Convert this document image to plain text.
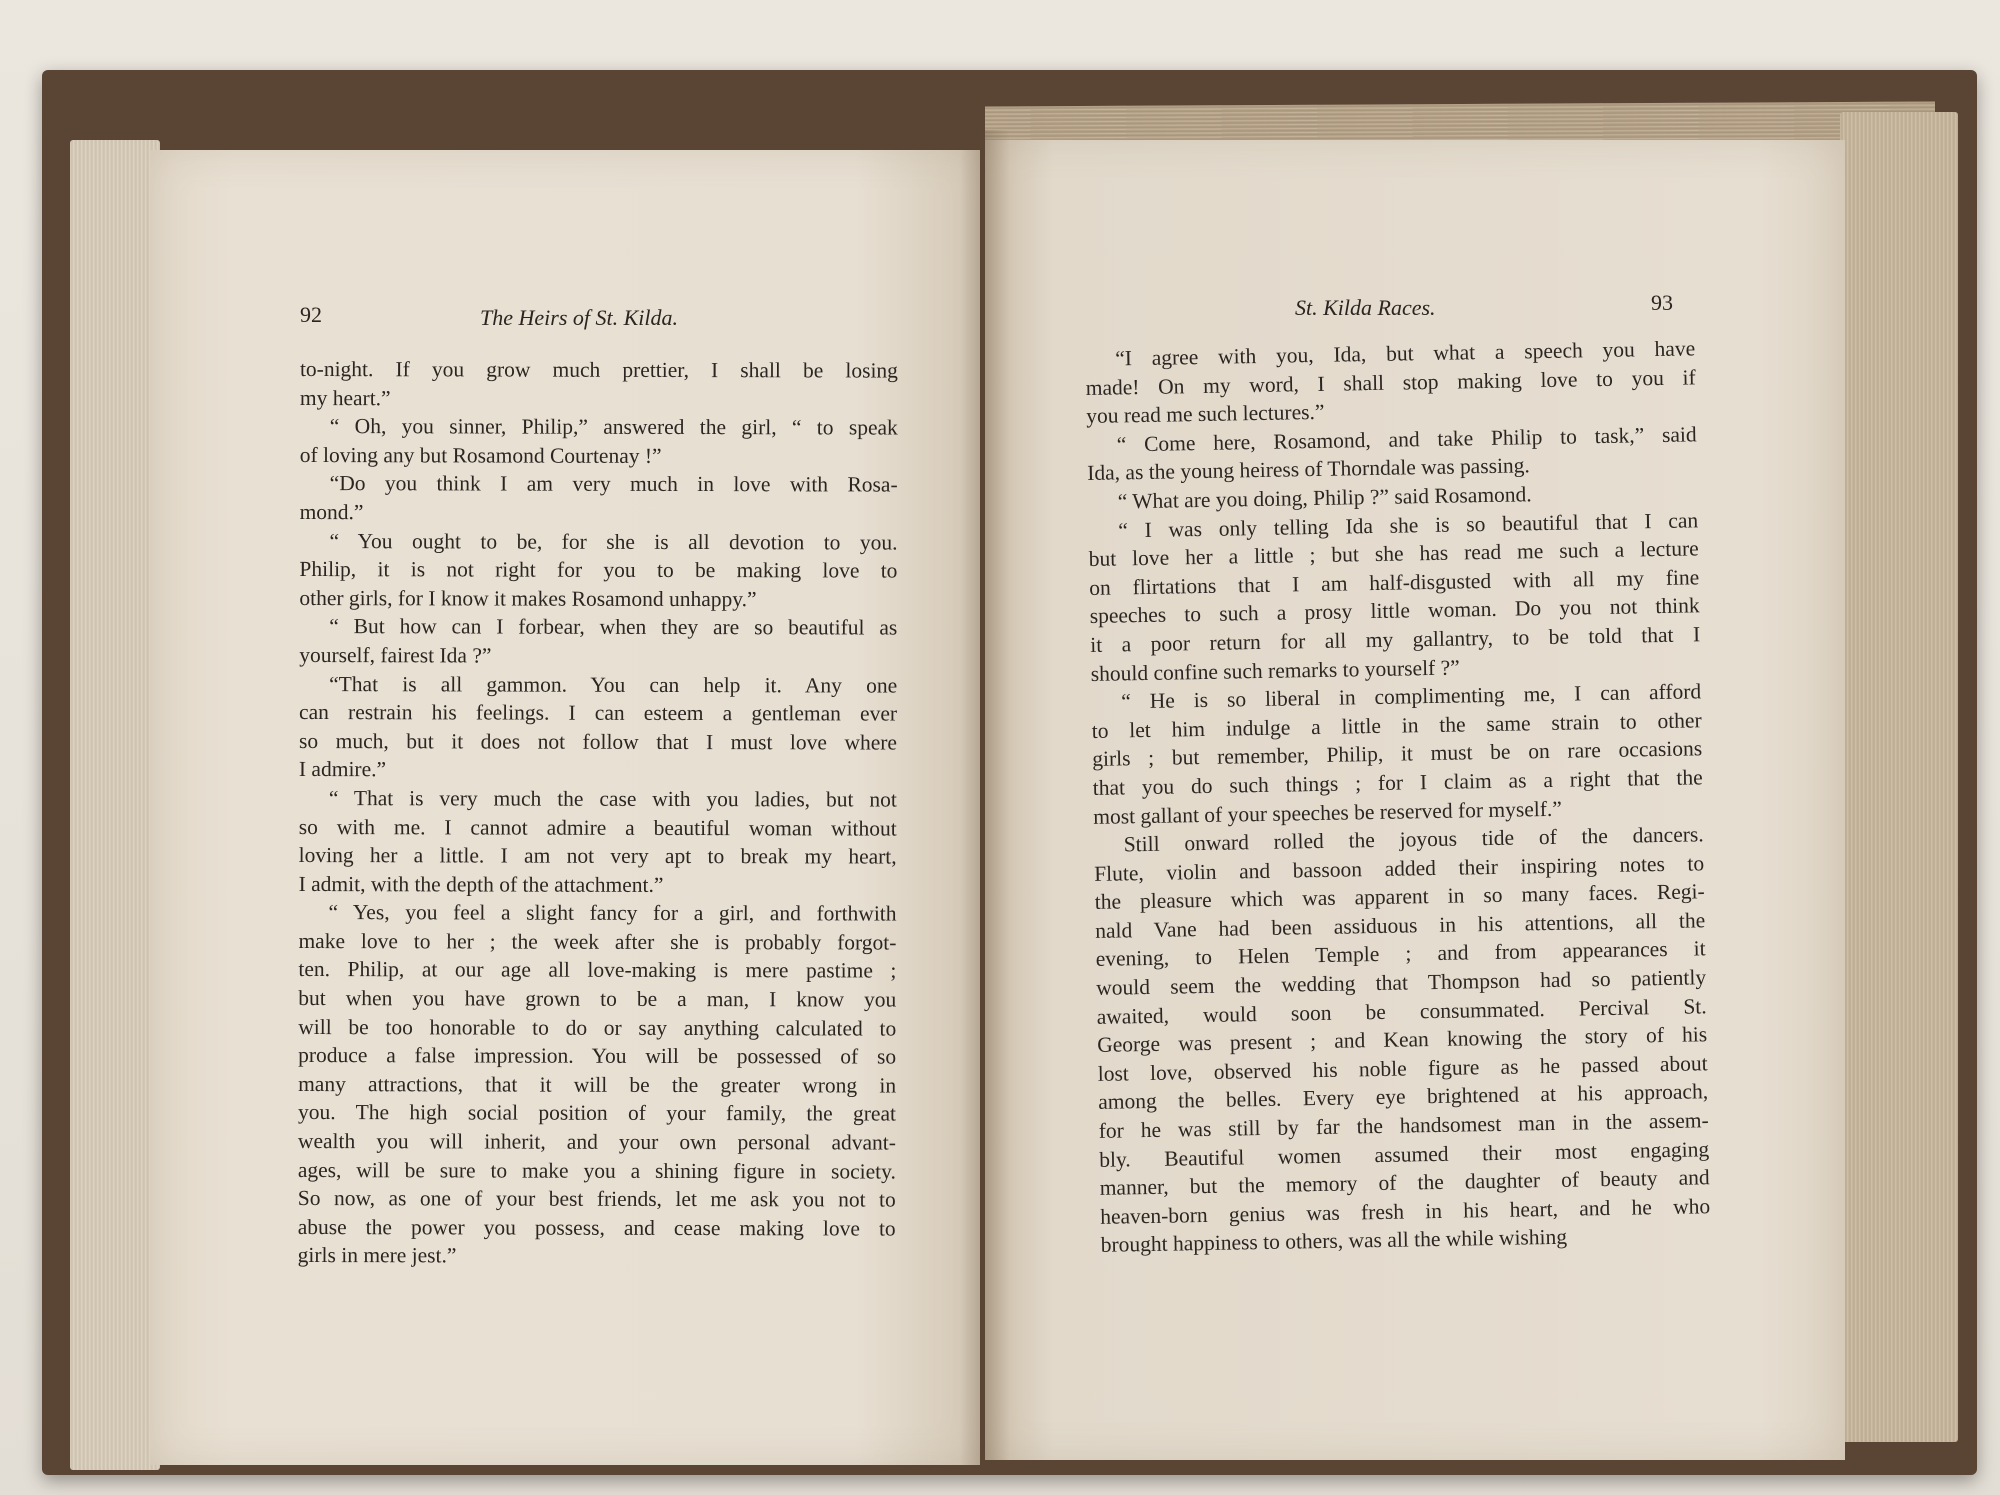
92	The Heirs of St. Kilda.	St. Kilda Races.	93
to-night. If you grow much prettier, I shall be losing
my heart.”
“ Oh, you sinner, Philip,” answered the girl, “ to speak
of loving any but Rosamond Courtenay !”
“Do you think I am very much in love with Rosa-
mond.”
“ You ought to be, for she is all devotion to you.
Philip, it is not right for you to be making love to
other girls, for I know it makes Rosamond unhappy.”
“ But how can I forbear, when they are so beautiful as
yourself, fairest Ida ?”
“That is all gammon. You can help it. Any one
can restrain his feelings. I can esteem a gentleman ever
so much, but it does not follow that I must love where
I admire.”
“ That is very much the case with you ladies, but not
so with me. I cannot admire a beautiful woman without
loving her a little. I am not very apt to break my heart,
I admit, with the depth of the attachment.”
“ Yes, you feel a slight fancy for a girl, and forthwith
make love to her ; the week after she is probably forgot-
ten. Philip, at our age all love-making is mere pastime ;
but when you have grown to be a man, I know you
will be too honorable to do or say anything calculated to
produce a false impression. You will be possessed of so
many attractions, that it will be the greater wrong in
you. The high social position of your family, the great
wealth you will inherit, and your own personal advant-
ages, will be sure to make you a shining figure in society.
So now, as one of your best friends, let me ask you not to
abuse the power you possess, and cease making love to
girls in mere jest.”
“I agree with you, Ida, but what a speech you have
made! On my word, I shall stop making love to you if
you read me such lectures.”
“ Come here, Rosamond, and take Philip to task,” said
Ida, as the young heiress of Thorndale was passing.
“ What are you doing, Philip ?” said Rosamond.
“ I was only telling Ida she is so beautiful that I can
but love her a little ; but she has read me such a lecture
on flirtations that I am half-disgusted with all my fine
speeches to such a prosy little woman. Do you not think
it a poor return for all my gallantry, to be told that I
should confine such remarks to yourself ?”
“ He is so liberal in complimenting me, I can afford
to let him indulge a little in the same strain to other
girls ; but remember, Philip, it must be on rare occasions
that you do such things ; for I claim as a right that the
most gallant of your speeches be reserved for myself.”
Still onward rolled the joyous tide of the dancers.
Flute, violin and bassoon added their inspiring notes to
the pleasure which was apparent in so many faces. Regi-
nald Vane had been assiduous in his attentions, all the
evening, to Helen Temple ; and from appearances it
would seem the wedding that Thompson had so patiently
awaited, would soon be consummated. Percival St.
George was present ; and Kean knowing the story of his
lost love, observed his noble figure as he passed about
among the belles. Every eye brightened at his approach,
for he was still by far the handsomest man in the assem-
bly. Beautiful women assumed their most engaging
manner, but the memory of the daughter of beauty and
heaven-born genius was fresh in his heart, and he who
brought happiness to others, was all the while wishing
